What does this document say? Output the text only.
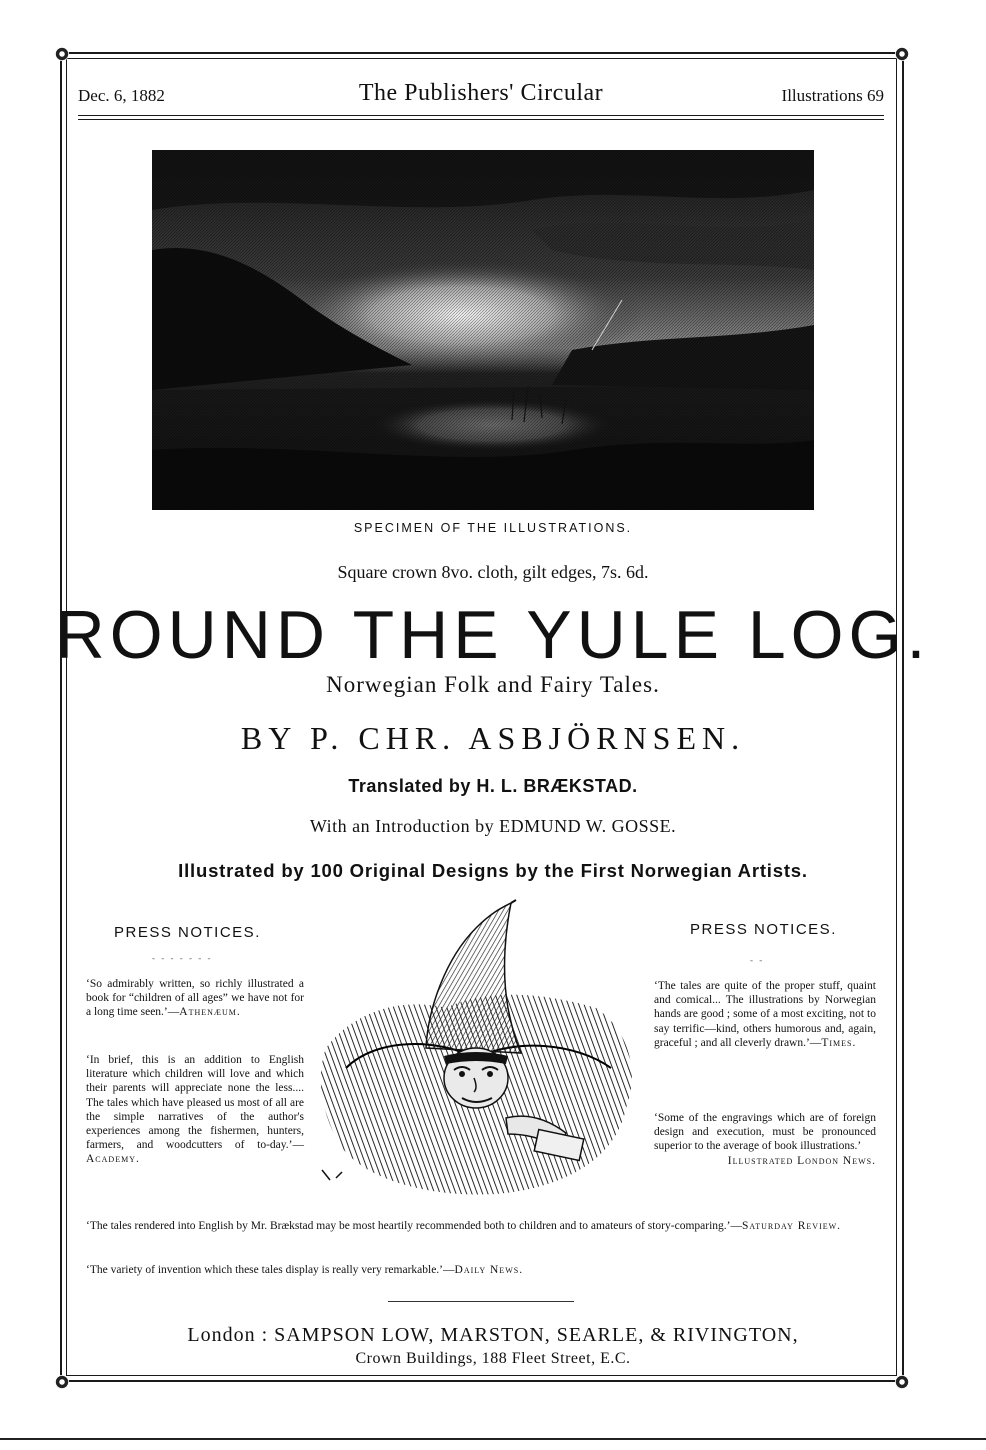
The Publishers' Circular
Dec. 6, 1882	Illustrations 69
SPECIMEN OF THE ILLUSTRATIONS.
Square crown 8vo. cloth, gilt edges, 7s. 6d.
ROUND THE YULE LOG.
Norwegian Folk and Fairy Tales.
BY P. CHR. ASBJÖRNSEN.
Translated by H. L. BRÆKSTAD.
With an Introduction by EDMUND W. GOSSE.
Illustrated by 100 Original Designs by the First Norwegian Artists.
PRESS NOTICES.
- - - - - - -
PRESS NOTICES.
- -
‘So admirably written, so richly illustrated a book for “children of all ages” we have not for a long time seen.’—Athenæum.
‘In brief, this is an addition to English literature which children will love and which their parents will appreciate none the less.... The tales which have pleased us most of all are the simple narratives of the author's experiences among the fishermen, hunters, farmers, and woodcutters of to-day.’—Academy.
‘The tales are quite of the proper stuff, quaint and comical... The illustrations by Norwegian hands are good ; some of a most exciting, not to say terrific—kind, others humorous and, again, graceful ; and all cleverly drawn.’—Times.
‘Some of the engravings which are of foreign design and execution, must be pronounced superior to the average of book illustrations.’

Illustrated London News.
‘The tales rendered into English by Mr. Brækstad may be most heartily recommended both to children and to amateurs of story-comparing.’—Saturday Review.
‘The variety of invention which these tales display is really very remarkable.’—Daily News.
London : SAMPSON LOW, MARSTON, SEARLE, & RIVINGTON,
Crown Buildings, 188 Fleet Street, E.C.
